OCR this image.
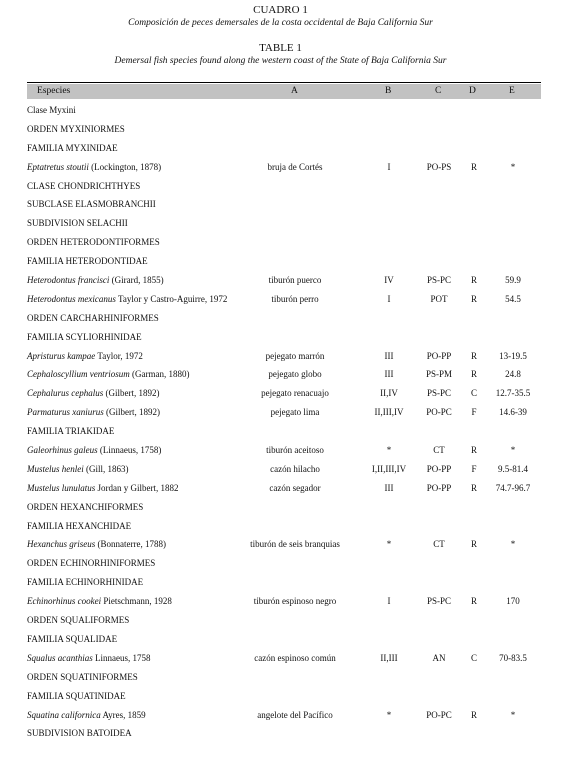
CUADRO 1
Composición de peces demersales de la costa occidental de Baja California Sur
TABLE 1
Demersal fish species found along the western coast of the State of Baja California Sur
Especies	A	B	C	D	E
Clase Myxini
ORDEN MYXINIORMES
FAMILIA MYXINIDAE
Eptatretus stoutii (Lockington, 1878)	bruja de Cortés	I	PO-PS	R	*
CLASE CHONDRICHTHYES
SUBCLASE ELASMOBRANCHII
SUBDIVISION SELACHII
ORDEN HETERODONTIFORMES
FAMILIA HETERODONTIDAE
Heterodontus francisci (Girard, 1855)	tiburón puerco	IV	PS-PC	R	59.9
Heterodontus mexicanus Taylor y Castro-Aguirre, 1972	tiburón perro	I	POT	R	54.5
ORDEN CARCHARHINIFORMES
FAMILIA SCYLIORHINIDAE
Apristurus kampae Taylor, 1972	pejegato marrón	III	PO-PP	R	13-19.5
Cephaloscyllium ventriosum (Garman, 1880)	pejegato globo	III	PS-PM	R	24.8
Cephalurus cephalus (Gilbert, 1892)	pejegato renacuajo	II,IV	PS-PC	C	12.7-35.5
Parmaturus xaniurus (Gilbert, 1892)	pejegato lima	II,III,IV	PO-PC	F	14.6-39
FAMILIA TRIAKIDAE
Galeorhinus galeus (Linnaeus, 1758)	tiburón aceitoso	*	CT	R	*
Mustelus henlei (Gill, 1863)	cazón hilacho	I,II,III,IV	PO-PP	F	9.5-81.4
Mustelus lunulatus Jordan y Gilbert, 1882	cazón segador	III	PO-PP	R	74.7-96.7
ORDEN HEXANCHIFORMES
FAMILIA HEXANCHIDAE
Hexanchus griseus (Bonnaterre, 1788)	tiburón de seis branquias	*	CT	R	*
ORDEN ECHINORHINIFORMES
FAMILIA ECHINORHINIDAE
Echinorhinus cookei Pietschmann, 1928	tiburón espinoso negro	I	PS-PC	R	170
ORDEN SQUALIFORMES
FAMILIA SQUALIDAE
Squalus acanthias Linnaeus, 1758	cazón espinoso común	II,III	AN	C	70-83.5
ORDEN SQUATINIFORMES
FAMILIA SQUATINIDAE
Squatina californica Ayres, 1859	angelote del Pacífico	*	PO-PC	R	*
SUBDIVISION BATOIDEA
